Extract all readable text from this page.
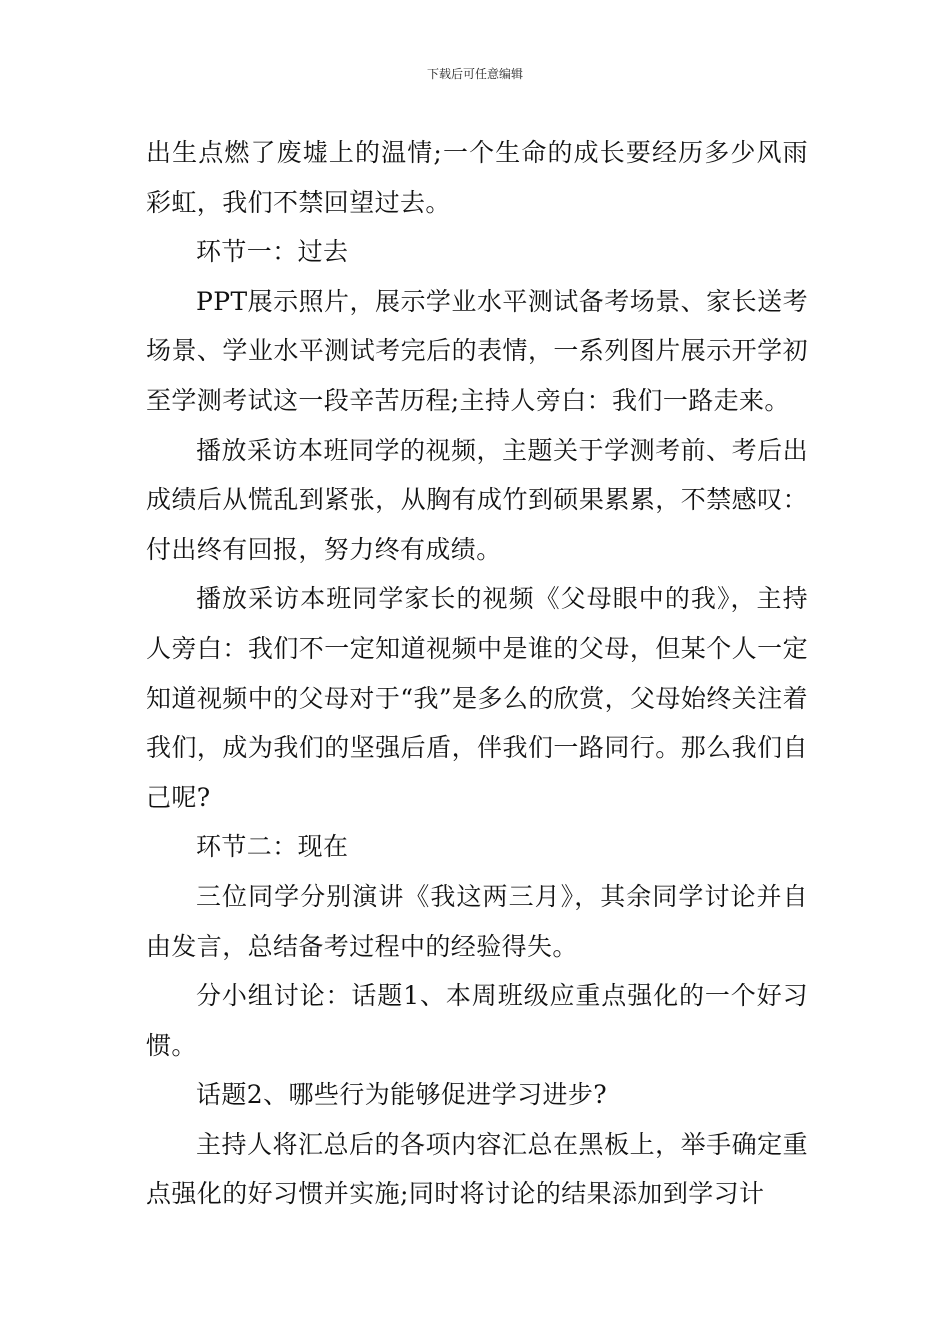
下载后可任意编辑

出生点燃了废墟上的温情;一个生命的成长要经历多少风雨彩虹，我们不禁回望过去。

环节一：过去

PPT展示照片，展示学业水平测试备考场景、家长送考场景、学业水平测试考完后的表情，一系列图片展示开学初至学测考试这一段辛苦历程;主持人旁白：我们一路走来。

播放采访本班同学的视频，主题关于学测考前、考后出成绩后从慌乱到紧张，从胸有成竹到硕果累累，不禁感叹：付出终有回报，努力终有成绩。

播放采访本班同学家长的视频《父母眼中的我》，主持人旁白：我们不一定知道视频中是谁的父母，但某个人一定知道视频中的父母对于“我”是多么的欣赏，父母始终关注着我们，成为我们的坚强后盾，伴我们一路同行。那么我们自己呢?

环节二：现在

三位同学分别演讲《我这两三月》，其余同学讨论并自由发言，总结备考过程中的经验得失。

分小组讨论：话题1、本周班级应重点强化的一个好习惯。

话题2、哪些行为能够促进学习进步?

主持人将汇总后的各项内容汇总在黑板上，举手确定重点强化的好习惯并实施;同时将讨论的结果添加到学习计
